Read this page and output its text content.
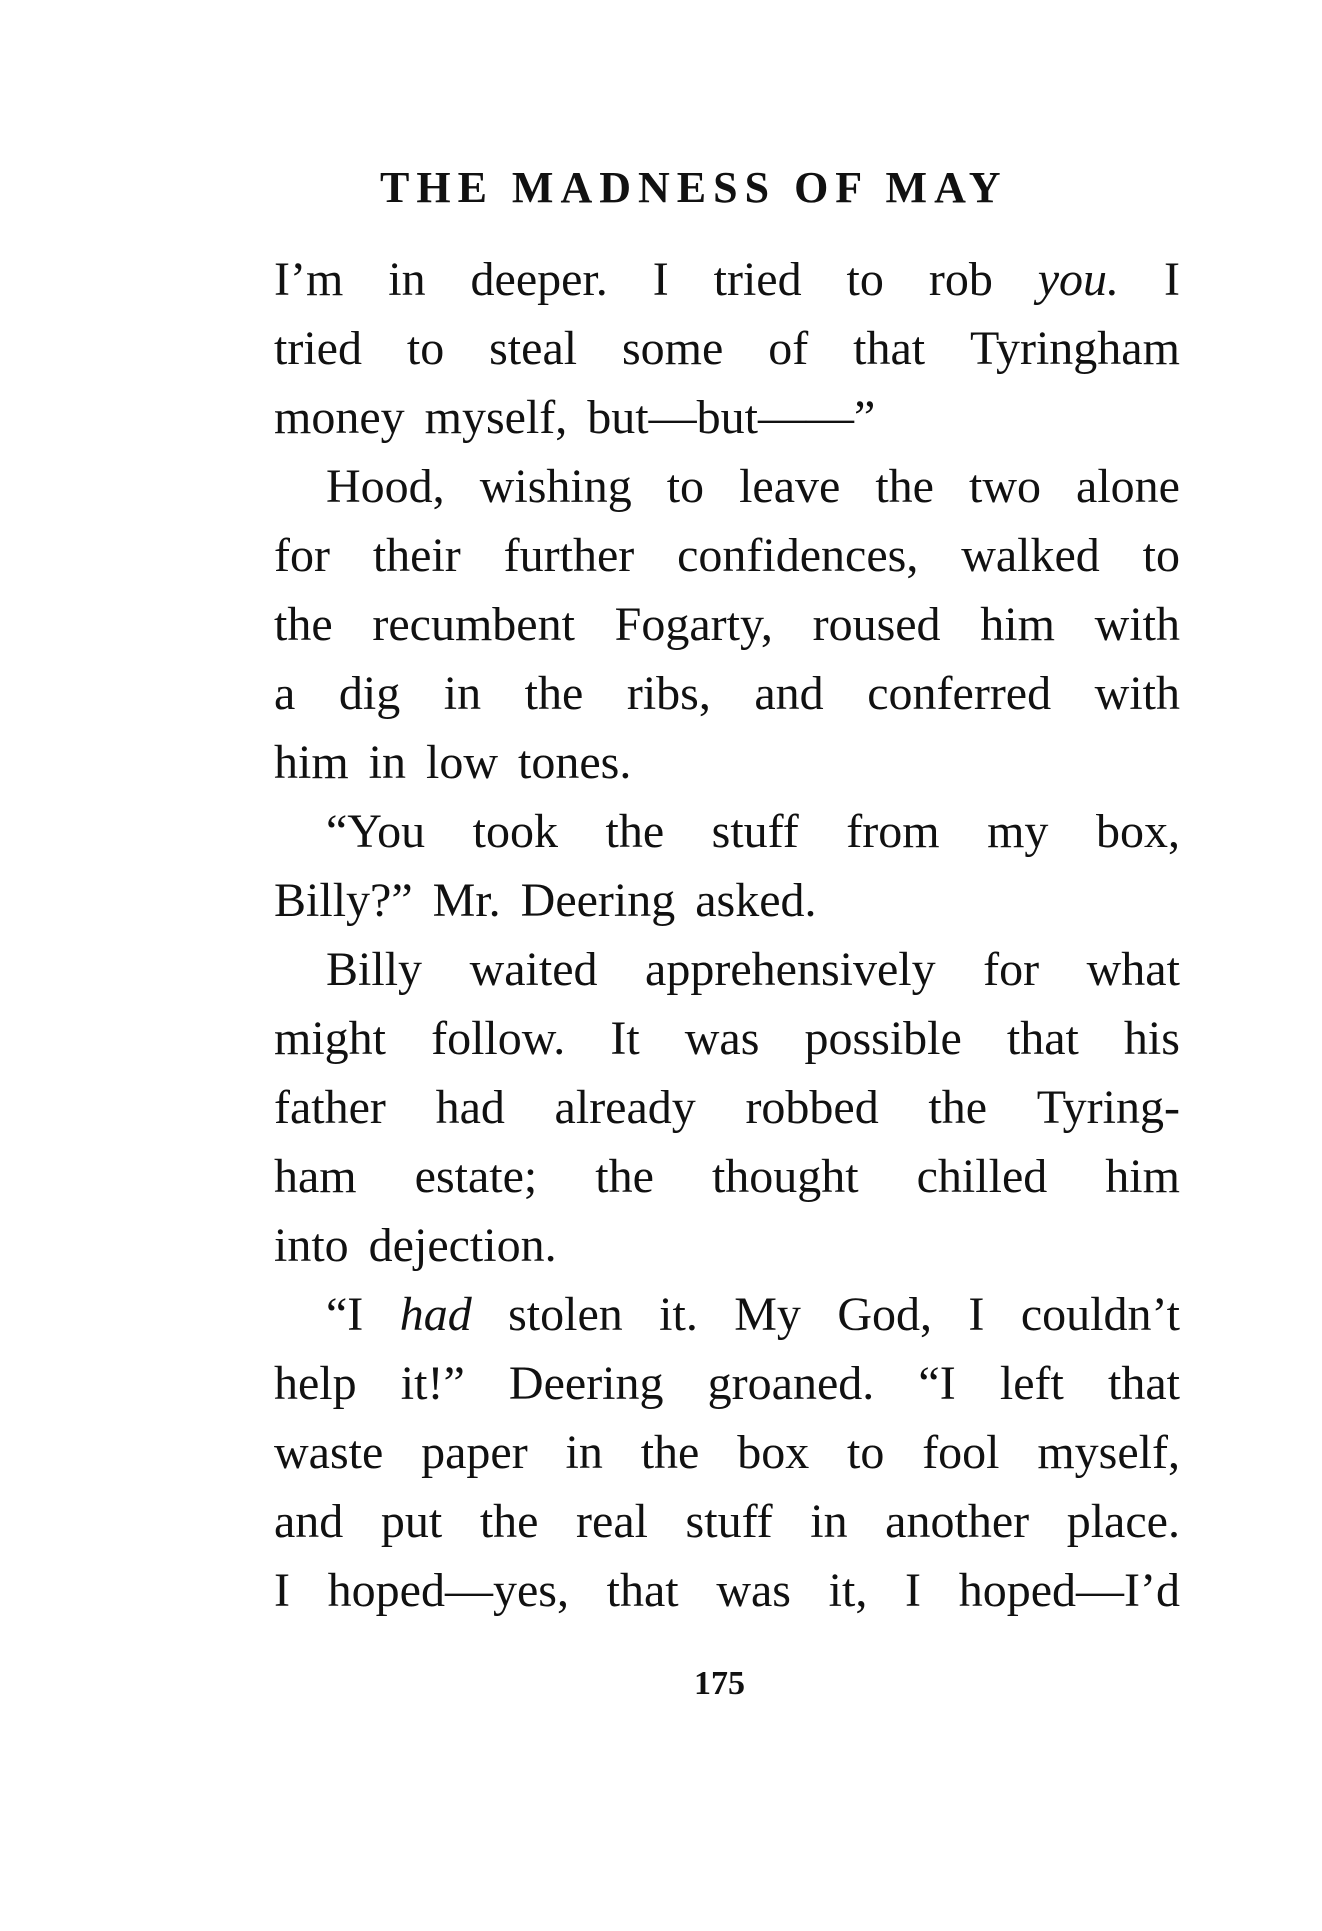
THE MADNESS OF MAY
I’m in deeper. I tried to rob you. I
tried to steal some of that Tyringham
money myself, but—but——”
Hood, wishing to leave the two alone
for their further confidences, walked to
the recumbent Fogarty, roused him with
a dig in the ribs, and conferred with
him in low tones.
“You took the stuff from my box,
Billy?” Mr. Deering asked.
Billy waited apprehensively for what
might follow. It was possible that his
father had already robbed the Tyring-
ham estate; the thought chilled him
into dejection.
“I had stolen it. My God, I couldn’t
help it!” Deering groaned. “I left that
waste paper in the box to fool myself,
and put the real stuff in another place.
I hoped—yes, that was it, I hoped—I’d
175
